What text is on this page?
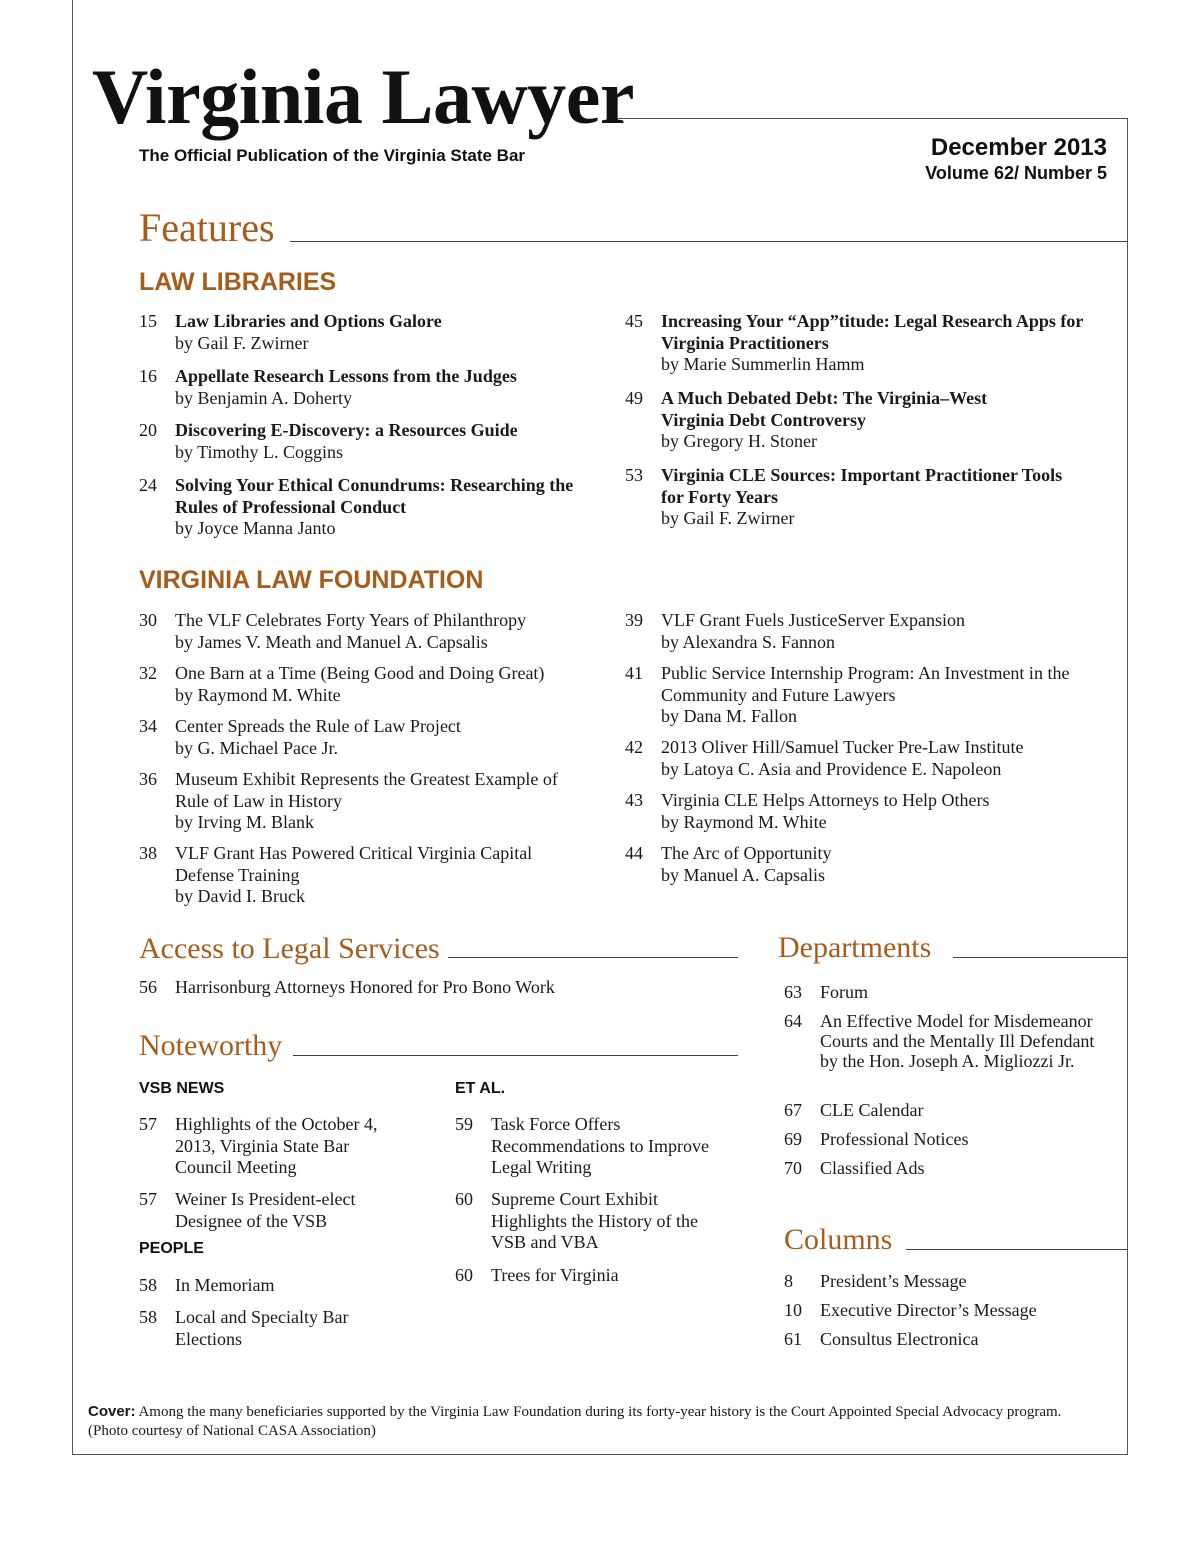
Virginia Lawyer
The Official Publication of the Virginia State Bar	December 2013
Volume 62/ Number 5
Features
LAW LIBRARIES
15	Law Libraries and Options Galore
by Gail F. Zwirner
16	Appellate Research Lessons from the Judges
by Benjamin A. Doherty
20	Discovering E-Discovery: a Resources Guide
by Timothy L. Coggins
24	Solving Your Ethical Conundrums: Researching the Rules of Professional Conduct
by Joyce Manna Janto
45	Increasing Your “App”titude: Legal Research Apps for Virginia Practitioners
by Marie Summerlin Hamm
49	A Much Debated Debt: The Virginia–West Virginia Debt Controversy
by Gregory H. Stoner
53	Virginia CLE Sources: Important Practitioner Tools for Forty Years
by Gail F. Zwirner
VIRGINIA LAW FOUNDATION
30	The VLF Celebrates Forty Years of Philanthropy
by James V. Meath and Manuel A. Capsalis
32	One Barn at a Time (Being Good and Doing Great)
by Raymond M. White
34	Center Spreads the Rule of Law Project
by G. Michael Pace Jr.
36	Museum Exhibit Represents the Greatest Example of Rule of Law in History
by Irving M. Blank
38	VLF Grant Has Powered Critical Virginia Capital Defense Training
by David I. Bruck
39	VLF Grant Fuels JusticeServer Expansion
by Alexandra S. Fannon
41	Public Service Internship Program: An Investment in the Community and Future Lawyers
by Dana M. Fallon
42	2013 Oliver Hill/Samuel Tucker Pre-Law Institute
by Latoya C. Asia and Providence E. Napoleon
43	Virginia CLE Helps Attorneys to Help Others
by Raymond M. White
44	The Arc of Opportunity
by Manuel A. Capsalis
Access to Legal Services
56	Harrisonburg Attorneys Honored for Pro Bono Work
Noteworthy
VSB NEWS
57	Highlights of the October 4, 2013, Virginia State Bar Council Meeting
57	Weiner Is President-elect Designee of the VSB
PEOPLE
58	In Memoriam
58	Local and Specialty Bar Elections
ET AL.
59	Task Force Offers Recommendations to Improve Legal Writing
60	Supreme Court Exhibit Highlights the History of the VSB and VBA
60	Trees for Virginia
Departments
63	Forum
64	An Effective Model for Misdemeanor Courts and the Mentally Ill Defendant
by the Hon. Joseph A. Migliozzi Jr.
67	CLE Calendar
69	Professional Notices
70	Classified Ads
Columns
8	President’s Message
10	Executive Director’s Message
61	Consultus Electronica
Cover: Among the many beneficiaries supported by the Virginia Law Foundation during its forty-year history is the Court Appointed Special Advocacy program.
(Photo courtesy of National CASA Association)
